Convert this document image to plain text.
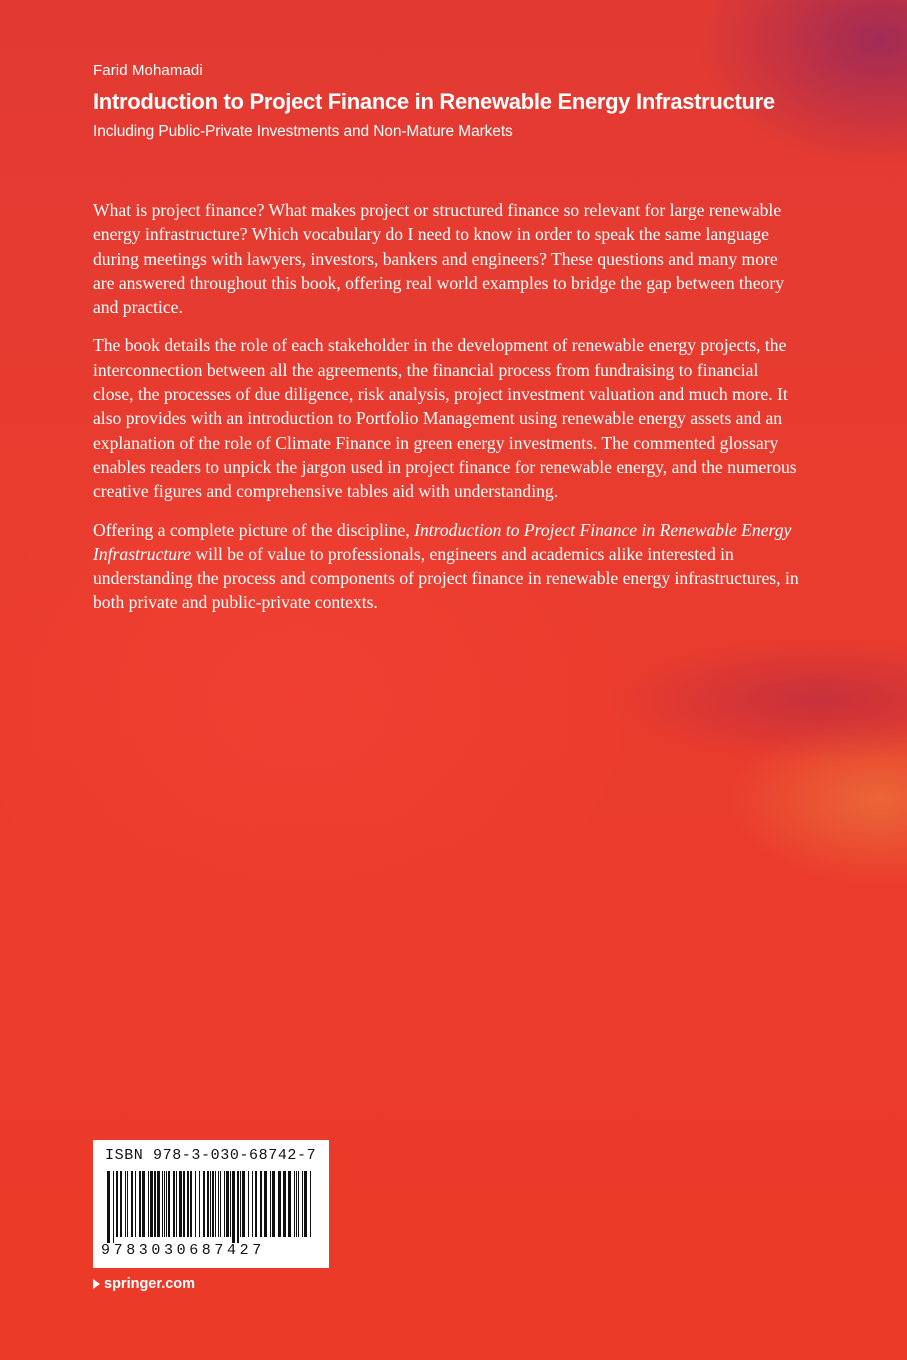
Farid Mohamadi
Introduction to Project Finance in Renewable Energy Infrastructure
Including Public-Private Investments and Non-Mature Markets

What is project finance? What makes project or structured finance so relevant for large renewable energy infrastructure? Which vocabulary do I need to know in order to speak the same language during meetings with lawyers, investors, bankers and engineers? These questions and many more are answered throughout this book, offering real world examples to bridge the gap between theory and practice.

The book details the role of each stakeholder in the development of renewable energy projects, the interconnection between all the agreements, the financial process from fundraising to financial close, the processes of due diligence, risk analysis, project investment valuation and much more. It also provides with an introduction to Portfolio Management using renewable energy assets and an explanation of the role of Climate Finance in green energy investments. The commented glossary enables readers to unpick the jargon used in project finance for renewable energy, and the numerous creative figures and comprehensive tables aid with understanding.

Offering a complete picture of the discipline, Introduction to Project Finance in Renewable Energy Infrastructure will be of value to professionals, engineers and academics alike interested in understanding the process and components of project finance in renewable energy infrastructures, in both private and public-private contexts.

ISBN 978-3-030-68742-7
9783030687427
springer.com
